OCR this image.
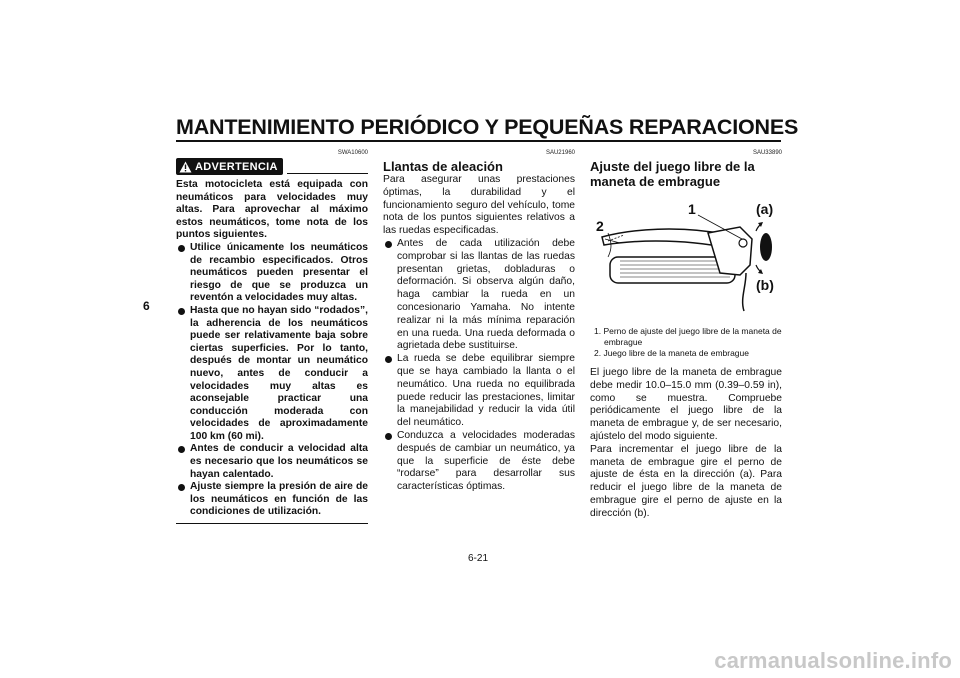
MANTENIMIENTO PERIÓDICO Y PEQUEÑAS REPARACIONES
6
SWA10600
ADVERTENCIA

Esta motocicleta está equipada con neumáticos para velocidades muy altas. Para aprovechar al máximo estos neumáticos, tome nota de los puntos siguientes.

Utilice únicamente los neumáticos de recambio especificados. Otros neumáticos pueden presentar el riesgo de que se produzca un reventón a velocidades muy altas.
Hasta que no hayan sido “rodados”, la adherencia de los neumáticos puede ser relativamente baja sobre ciertas superficies. Por lo tanto, después de montar un neumático nuevo, antes de conducir a velocidades muy altas es aconsejable practicar una conducción moderada con velocidades de aproximadamente 100 km (60 mi).
Antes de conducir a velocidad alta es necesario que los neumáticos se hayan calentado.
Ajuste siempre la presión de aire de los neumáticos en función de las condiciones de utilización.
SAU21960
Llantas de aleación

Para asegurar unas prestaciones óptimas, la durabilidad y el funcionamiento seguro del vehículo, tome nota de los puntos siguientes relativos a las ruedas especificadas.

Antes de cada utilización debe comprobar si las llantas de las ruedas presentan grietas, dobladuras o deformación. Si observa algún daño, haga cambiar la rueda en un concesionario Yamaha. No intente realizar ni la más mínima reparación en una rueda. Una rueda deformada o agrietada debe sustituirse.
La rueda se debe equilibrar siempre que se haya cambiado la llanta o el neumático. Una rueda no equilibrada puede reducir las prestaciones, limitar la manejabilidad y reducir la vida útil del neumático.
Conduzca a velocidades moderadas después de cambiar un neumático, ya que la superficie de éste debe “rodarse” para desarrollar sus características óptimas.
SAU33890
Ajuste del juego libre de la maneta de embrague
1
2
(a)
(b)
1. Perno de ajuste del juego libre de la maneta de embrague
2. Juego libre de la maneta de embrague

El juego libre de la maneta de embrague debe medir 10.0–15.0 mm (0.39–0.59 in), como se muestra. Compruebe periódicamente el juego libre de la maneta de embrague y, de ser necesario, ajústelo del modo siguiente.

Para incrementar el juego libre de la maneta de embrague gire el perno de ajuste de ésta en la dirección (a). Para reducir el juego libre de la maneta de embrague gire el perno de ajuste en la dirección (b).

6-21
carmanualsonline.info
